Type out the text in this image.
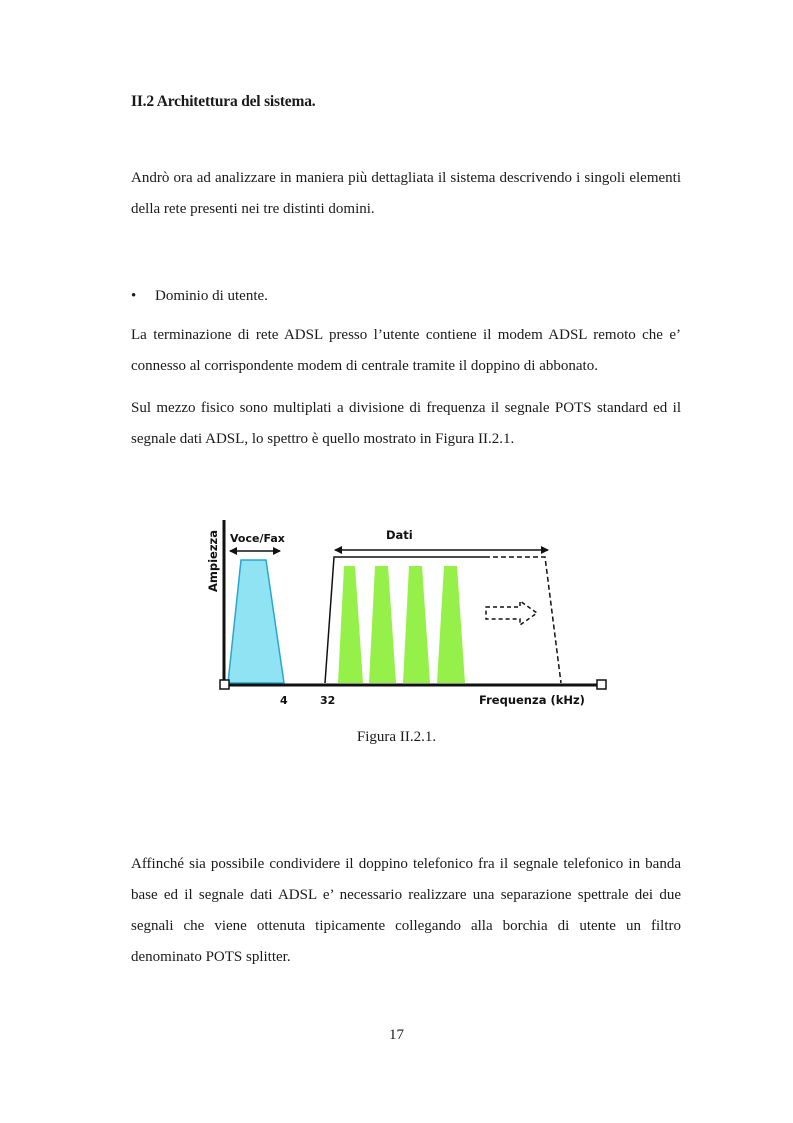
II.2 Architettura del sistema.
Andrò ora ad analizzare in maniera più dettagliata il sistema descrivendo i singoli elementi
della rete presenti nei tre distinti domini.
• Dominio di utente.
La terminazione di rete ADSL presso l’utente contiene il modem ADSL remoto che e’
connesso al corrispondente modem di centrale tramite il doppino di abbonato.
Sul mezzo fisico sono multiplati a divisione di frequenza il segnale POTS standard ed il
segnale dati ADSL, lo spettro è quello mostrato in Figura II.2.1.
Ampiezza Voce/Fax	Dati
4	32	Frequenza (kHz)
Figura II.2.1.
Affinché sia possibile condividere il doppino telefonico fra il segnale telefonico in banda
base ed il segnale dati ADSL e’ necessario realizzare una separazione spettrale dei due
segnali che viene ottenuta tipicamente collegando alla borchia di utente un filtro
denominato POTS splitter.
17
